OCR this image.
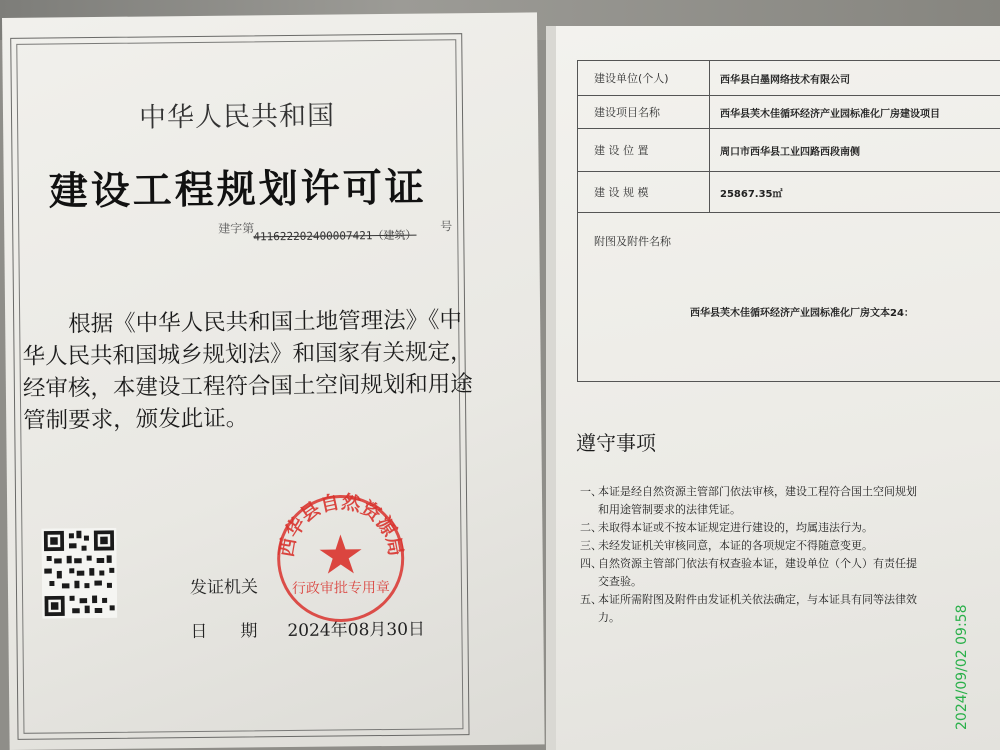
中华人民共和国
建设工程规划许可证
建字第
411622202400007421（建筑）
号
根据《中华人民共和国土地管理法》《中
华人民共和国城乡规划法》和国家有关规定，
经审核，本建设工程符合国土空间规划和用途
管制要求，颁发此证。
发证机关
日　期 2024年08月30日
西华县自然资源局
行政审批专用章
建设单位(个人)	西华县白墨网络技术有限公司
建设项目名称	西华县芙木佳循环经济产业园标准化厂房建设项目
建 设 位 置	周口市西华县工业四路西段南侧
建 设 规 模	25867.35㎡
附图及附件名称
西华县芙木佳循环经济产业园标准化厂房文本24：
遵守事项
一、
本证是经自然资源主管部门依法审核，建设工程符合国土空间规划
和用途管制要求的法律凭证。
二、
未取得本证或不按本证规定进行建设的，均属违法行为。
三、
未经发证机关审核同意，本证的各项规定不得随意变更。
四、
自然资源主管部门依法有权查验本证，建设单位（个人）有责任提
交查验。
五、
本证所需附图及附件由发证机关依法确定，与本证具有同等法律效
力。	2024/09/02 09:58
